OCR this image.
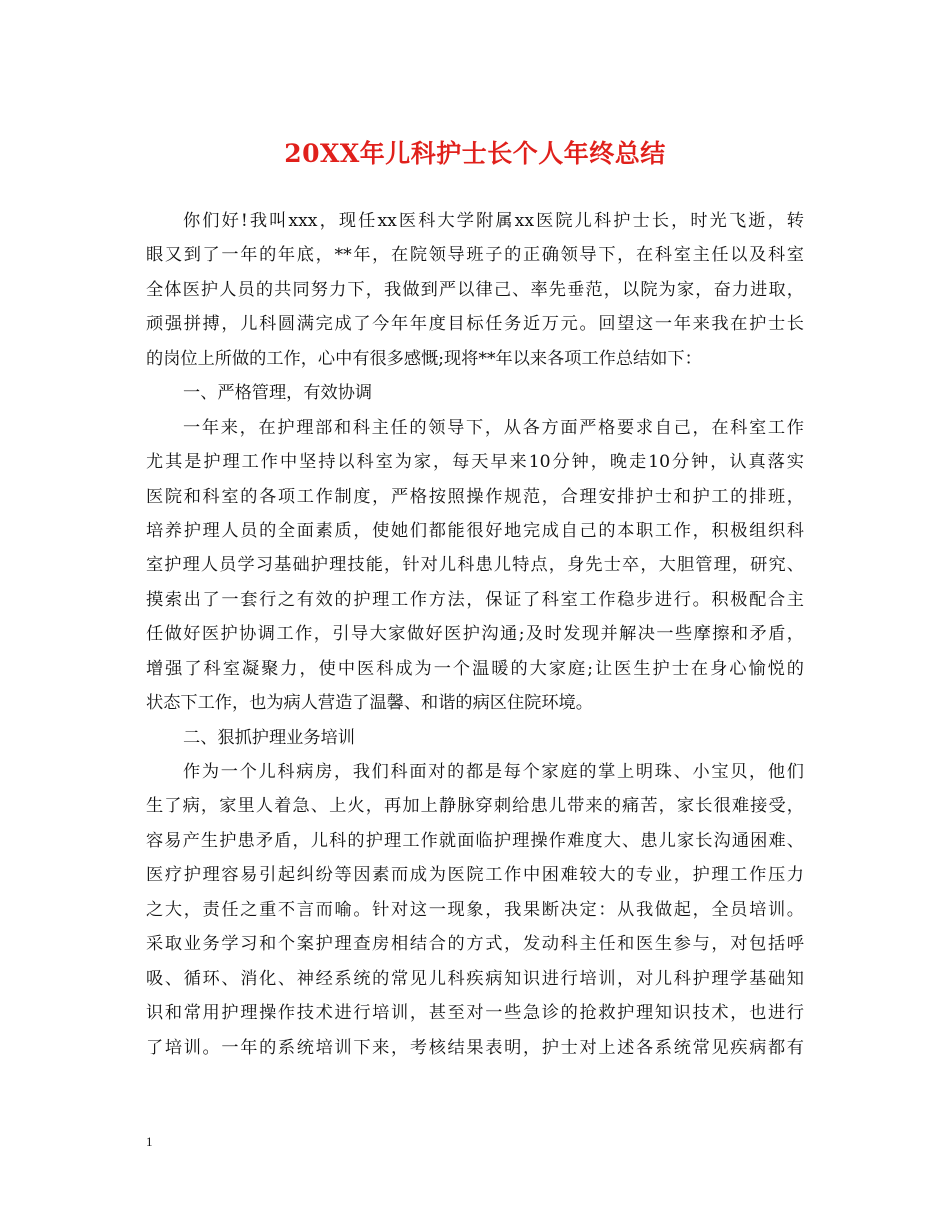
20XX年儿科护士长个人年终总结
你们好!我叫xxx，现任xx医科大学附属xx医院儿科护士长，时光飞逝，转
眼又到了一年的年底，**年，在院领导班子的正确领导下，在科室主任以及科室
全体医护人员的共同努力下，我做到严以律己、率先垂范，以院为家，奋力进取，
顽强拼搏，儿科圆满完成了今年年度目标任务近万元。回望这一年来我在护士长
的岗位上所做的工作，心中有很多感慨;现将**年以来各项工作总结如下：
一、严格管理，有效协调
一年来，在护理部和科主任的领导下，从各方面严格要求自己，在科室工作
尤其是护理工作中坚持以科室为家，每天早来10分钟，晚走10分钟，认真落实
医院和科室的各项工作制度，严格按照操作规范，合理安排护士和护工的排班，
培养护理人员的全面素质，使她们都能很好地完成自己的本职工作，积极组织科
室护理人员学习基础护理技能，针对儿科患儿特点，身先士卒，大胆管理，研究、
摸索出了一套行之有效的护理工作方法，保证了科室工作稳步进行。积极配合主
任做好医护协调工作，引导大家做好医护沟通;及时发现并解决一些摩擦和矛盾，
增强了科室凝聚力，使中医科成为一个温暖的大家庭;让医生护士在身心愉悦的
状态下工作，也为病人营造了温馨、和谐的病区住院环境。
二、狠抓护理业务培训
作为一个儿科病房，我们科面对的都是每个家庭的掌上明珠、小宝贝，他们
生了病，家里人着急、上火，再加上静脉穿刺给患儿带来的痛苦，家长很难接受，
容易产生护患矛盾，儿科的护理工作就面临护理操作难度大、患儿家长沟通困难、
医疗护理容易引起纠纷等因素而成为医院工作中困难较大的专业，护理工作压力
之大，责任之重不言而喻。针对这一现象，我果断决定：从我做起，全员培训。
采取业务学习和个案护理查房相结合的方式，发动科主任和医生参与，对包括呼
吸、循环、消化、神经系统的常见儿科疾病知识进行培训，对儿科护理学基础知
识和常用护理操作技术进行培训，甚至对一些急诊的抢救护理知识技术，也进行
了培训。一年的系统培训下来，考核结果表明，护士对上述各系统常见疾病都有
1
